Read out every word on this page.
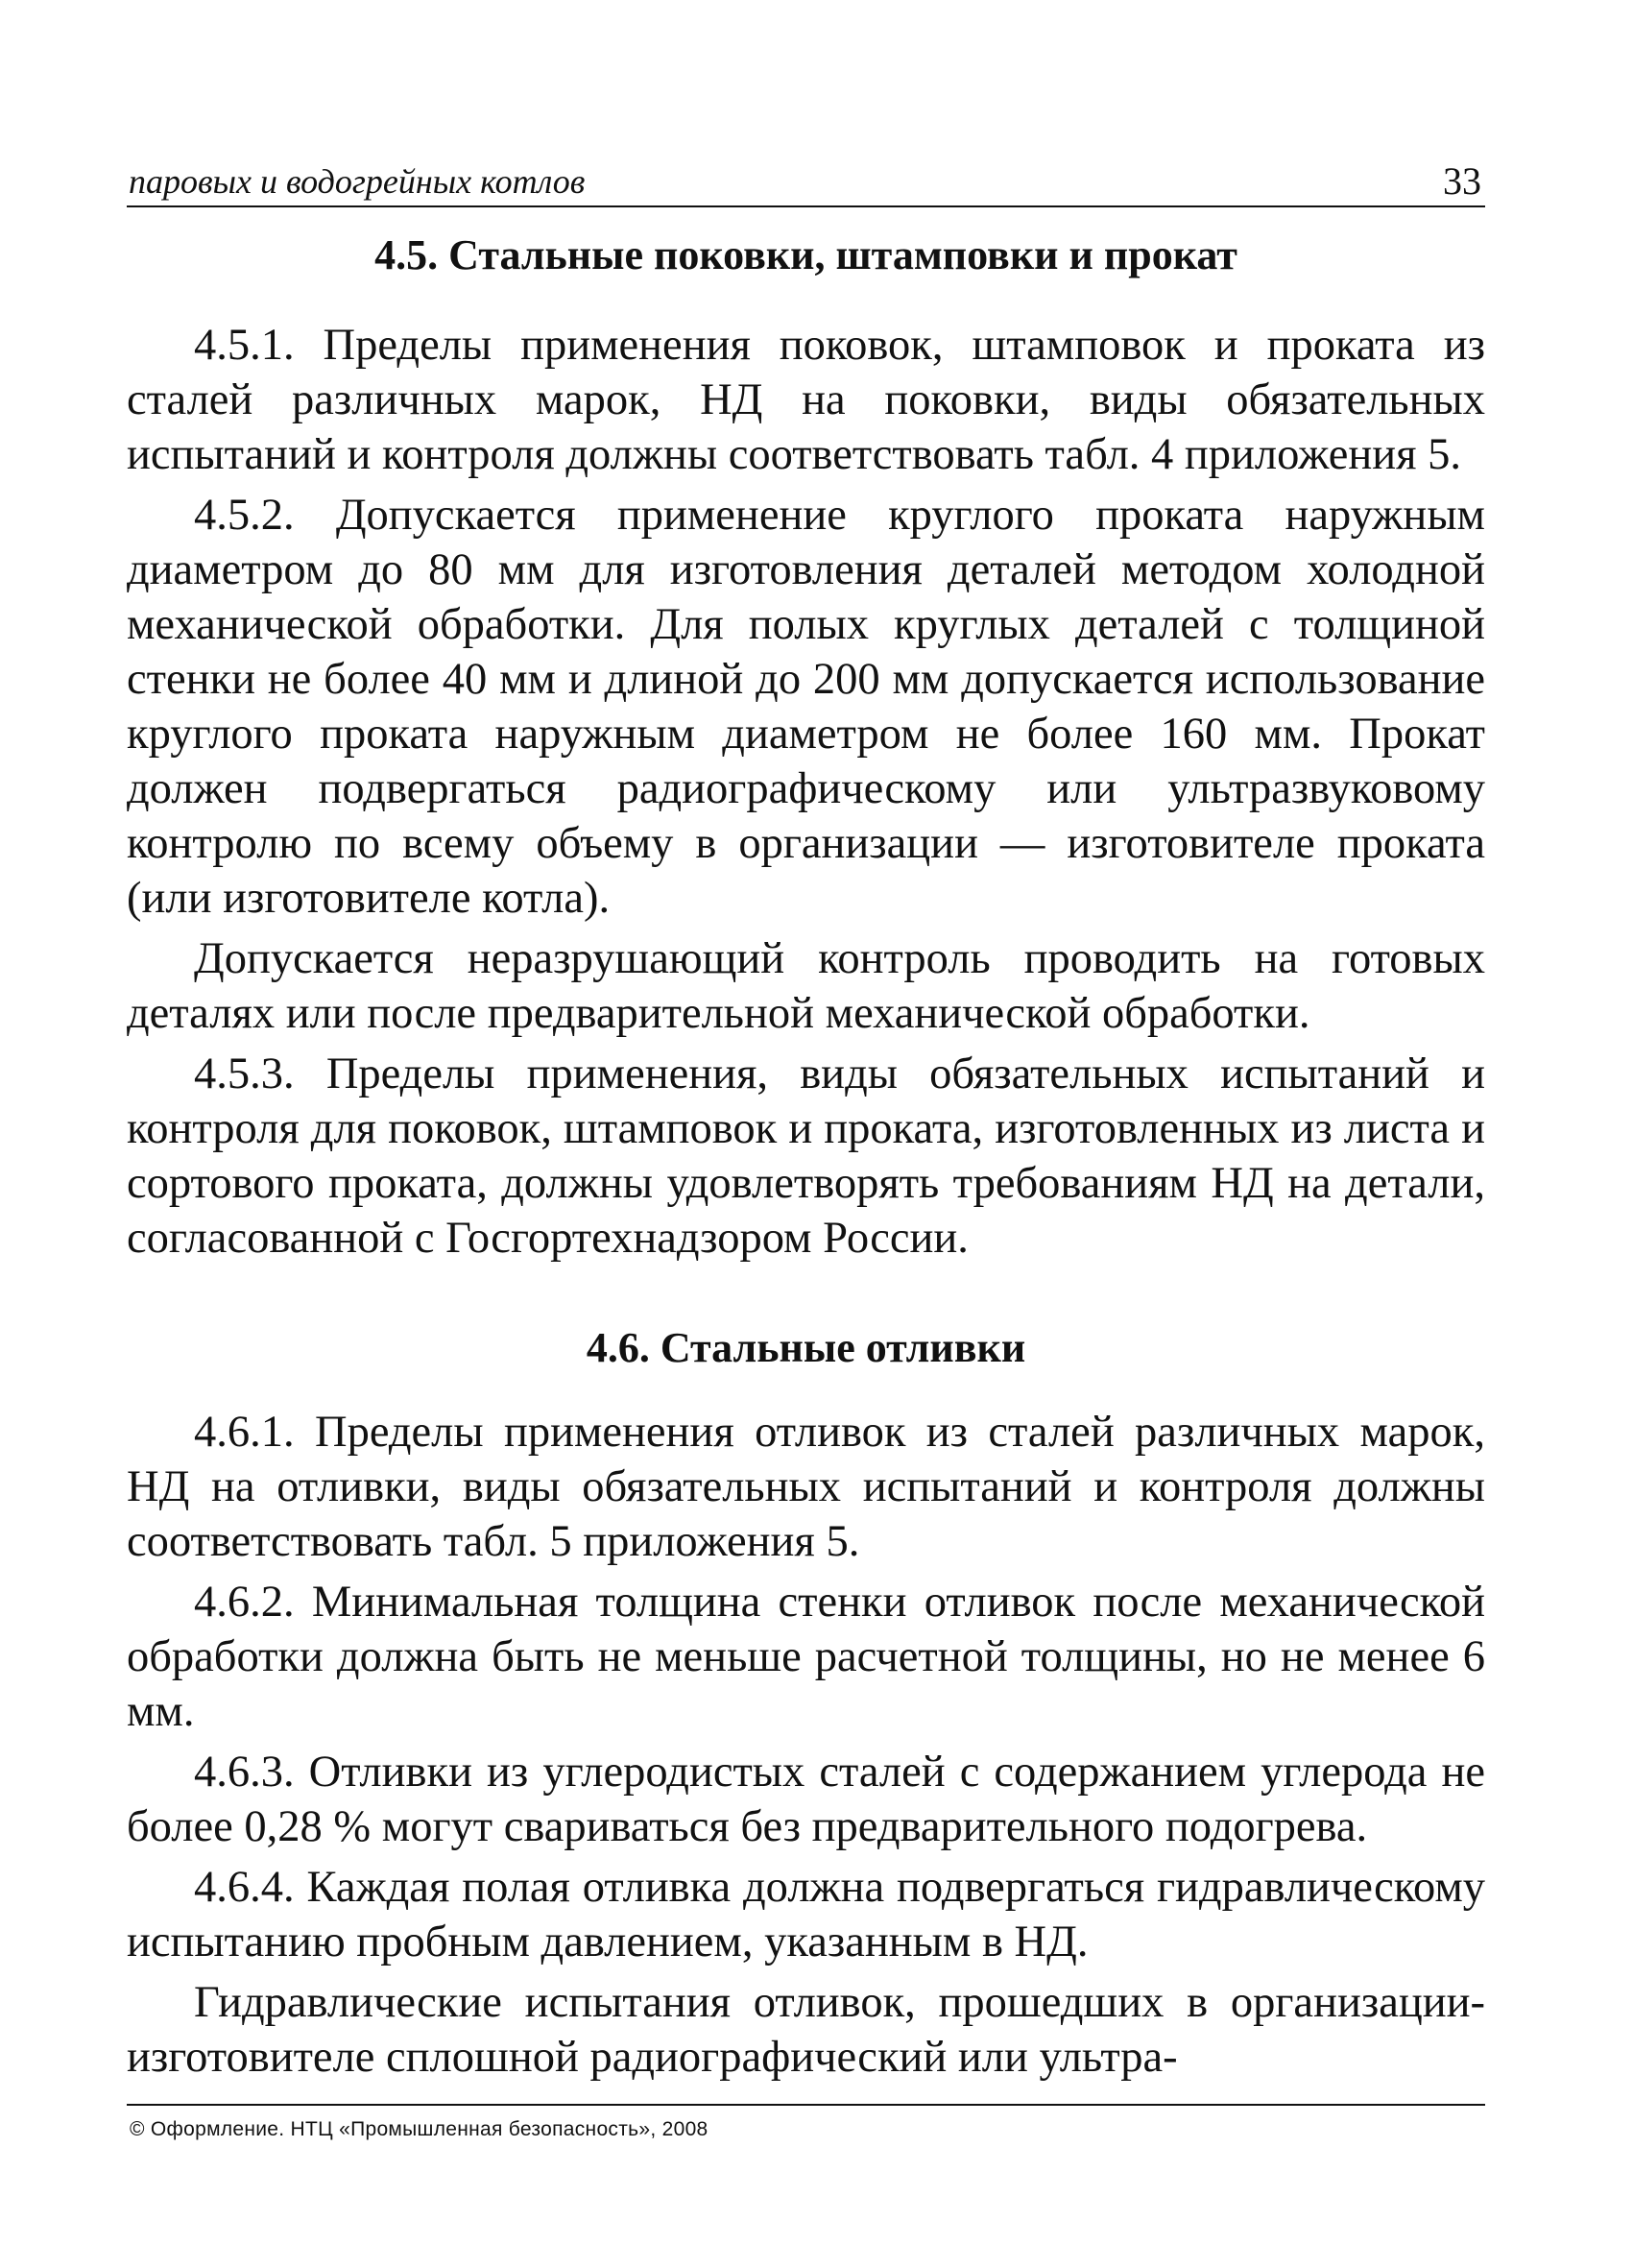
паровых и водогрейных котлов	33
4.5. Стальные поковки, штамповки и прокат

4.5.1. Пределы применения поковок, штамповок и проката из сталей различных марок, НД на поковки, виды обязательных испытаний и контроля должны соответствовать табл. 4 приложения 5.

4.5.2. Допускается применение круглого проката наружным диаметром до 80 мм для изготовления деталей методом холодной механической обработки. Для полых круглых деталей с толщиной стенки не более 40 мм и длиной до 200 мм допускается использование круглого проката наружным диаметром не более 160 мм. Прокат должен подвергаться радиографическому или ультразвуковому контролю по всему объему в организации — изготовителе проката (или изготовителе котла).

Допускается неразрушающий контроль проводить на готовых деталях или после предварительной механической обработки.

4.5.3. Пределы применения, виды обязательных испытаний и контроля для поковок, штамповок и проката, изготовленных из листа и сортового проката, должны удовлетворять требованиям НД на детали, согласованной с Госгортехнадзором России.

4.6. Стальные отливки

4.6.1. Пределы применения отливок из сталей различных марок, НД на отливки, виды обязательных испытаний и контроля должны соответствовать табл. 5 приложения 5.

4.6.2. Минимальная толщина стенки отливок после механической обработки должна быть не меньше расчетной толщины, но не менее 6 мм.

4.6.3. Отливки из углеродистых сталей с содержанием углерода не более 0,28 % могут свариваться без предварительного подогрева.

4.6.4. Каждая полая отливка должна подвергаться гидравлическому испытанию пробным давлением, указанным в НД.

Гидравлические испытания отливок, прошедших в организации-изготовителе сплошной радиографический или ультра-

© Оформление. НТЦ «Промышленная безопасность», 2008
